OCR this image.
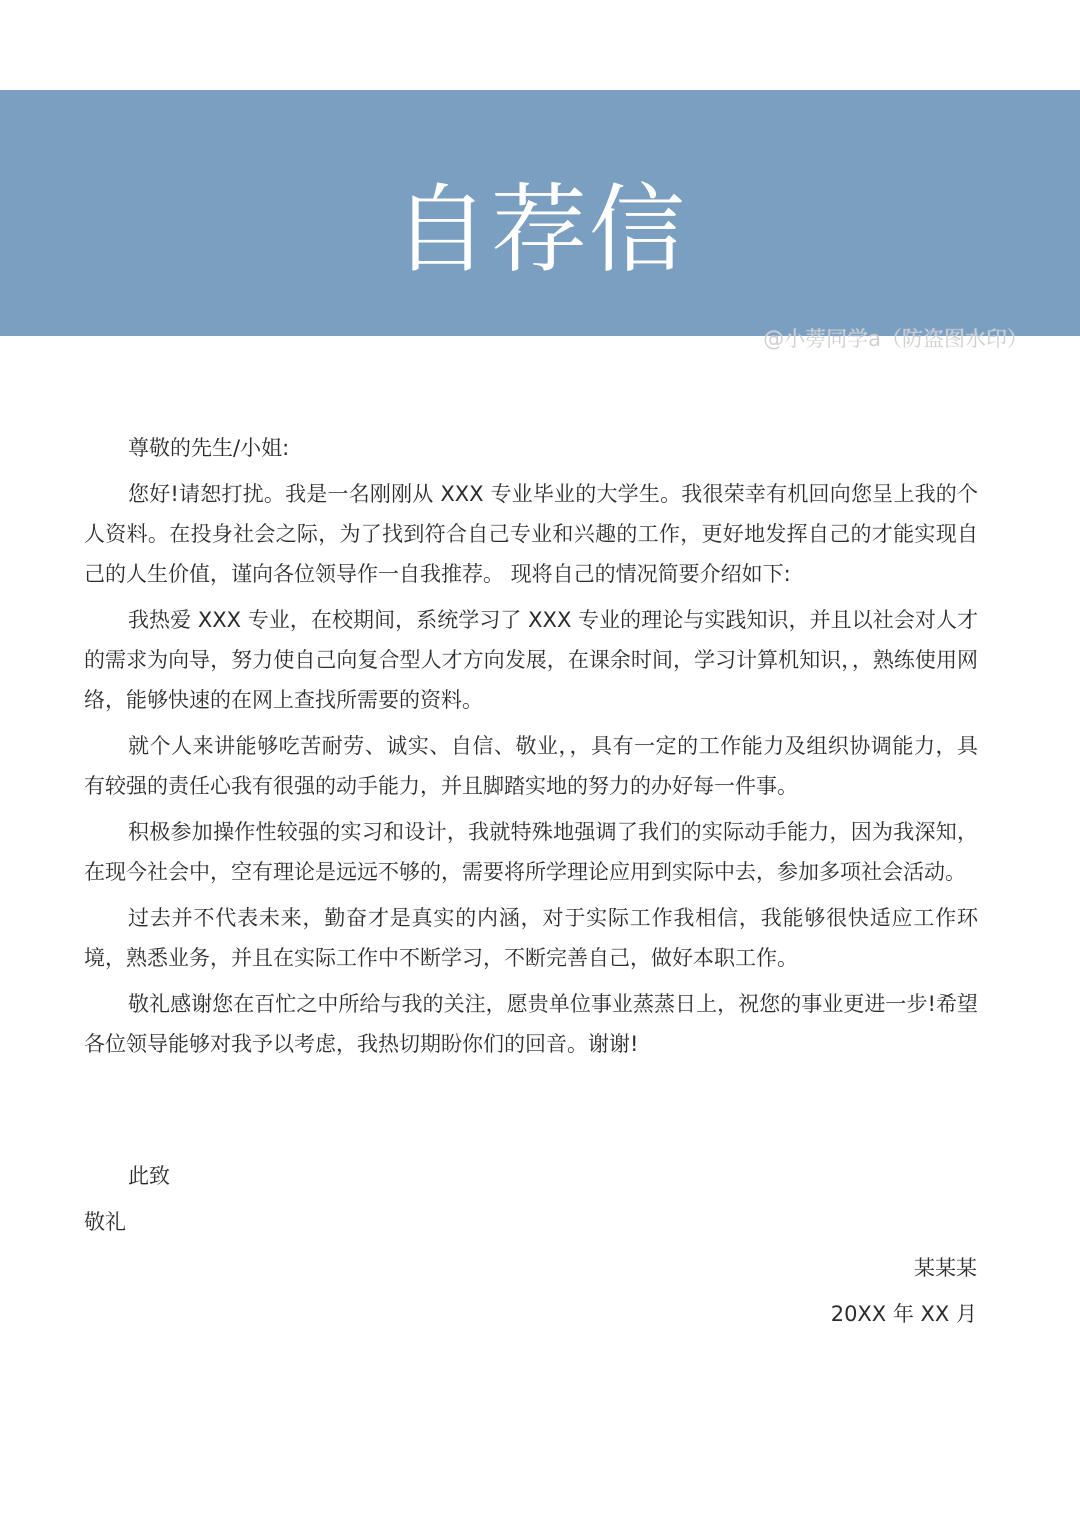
自荐信
@小蒡同学a（防盗图水印）

尊敬的先生/小姐:

您好!请恕打扰。我是一名刚刚从 XXX 专业毕业的大学生。我很荣幸有机回向您呈上我的个人资料。在投身社会之际，为了找到符合自己专业和兴趣的工作，更好地发挥自己的才能实现自己的人生价值，谨向各位领导作一自我推荐。 现将自己的情况简要介绍如下:

我热爱 XXX 专业，在校期间，系统学习了 XXX 专业的理论与实践知识，并且以社会对人才的需求为向导，努力使自己向复合型人才方向发展，在课余时间，学习计算机知识，，熟练使用网络，能够快速的在网上查找所需要的资料。

就个人来讲能够吃苦耐劳、诚实、自信、敬业，，具有一定的工作能力及组织协调能力，具有较强的责任心我有很强的动手能力，并且脚踏实地的努力的办好每一件事。

积极参加操作性较强的实习和设计，我就特殊地强调了我们的实际动手能力，因为我深知，在现今社会中，空有理论是远远不够的，需要将所学理论应用到实际中去，参加多项社会活动。

过去并不代表未来，勤奋才是真实的内涵，对于实际工作我相信，我能够很快适应工作环境，熟悉业务，并且在实际工作中不断学习，不断完善自己，做好本职工作。

敬礼感谢您在百忙之中所给与我的关注，愿贵单位事业蒸蒸日上，祝您的事业更进一步!希望各位领导能够对我予以考虑，我热切期盼你们的回音。谢谢!

此致
敬礼
某某某
20XX 年 XX 月
